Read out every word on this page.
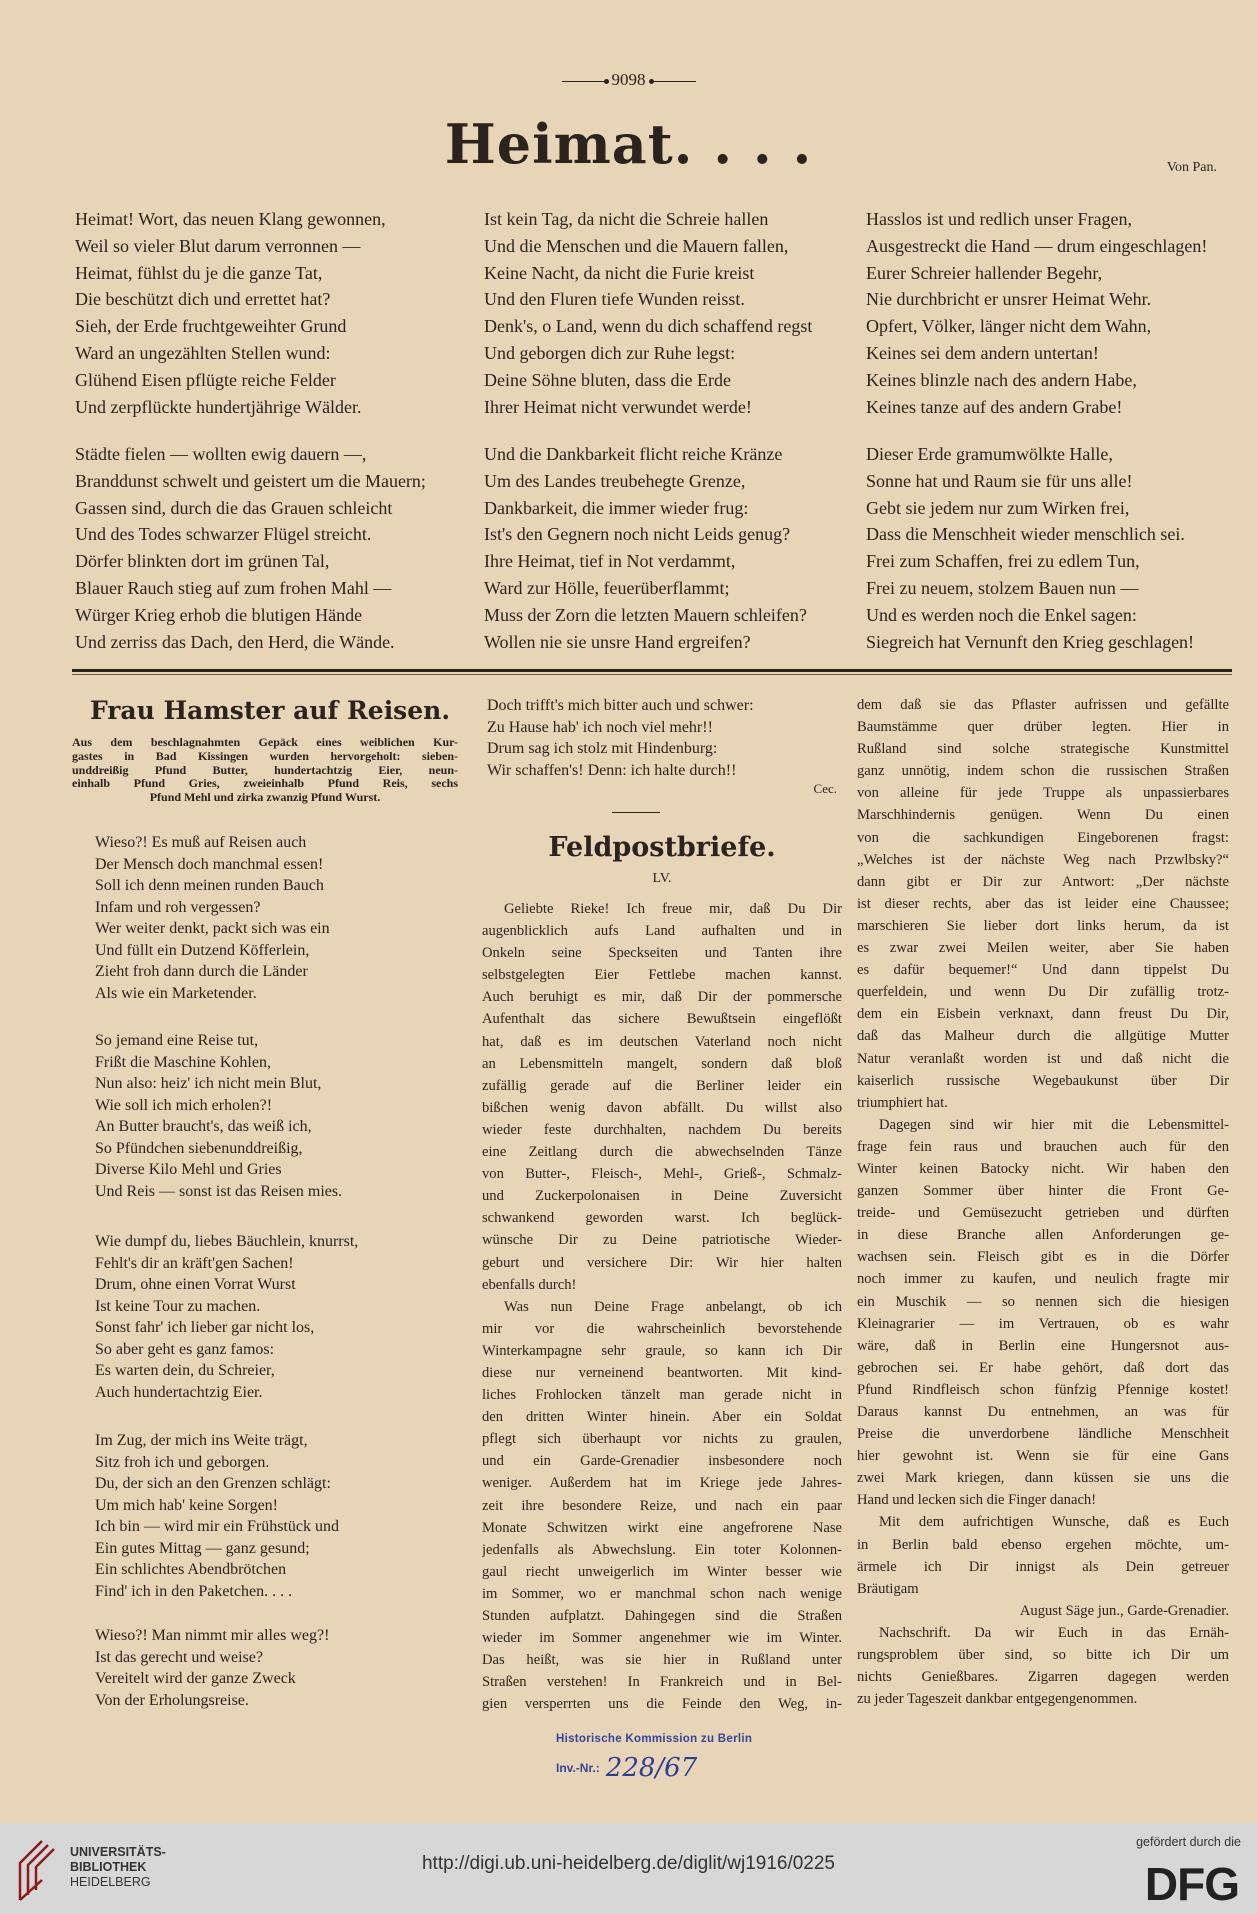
9098
Heimat. . . .	Von Pan.
Heimat! Wort, das neuen Klang gewonnen,
Weil so vieler Blut darum verronnen —
Heimat, fühlst du je die ganze Tat,
Die beschützt dich und errettet hat?
Sieh, der Erde fruchtgeweihter Grund
Ward an ungezählten Stellen wund:
Glühend Eisen pflügte reiche Felder
Und zerpflückte hundertjährige Wälder.
Städte fielen — wollten ewig dauern —,
Branddunst schwelt und geistert um die Mauern;
Gassen sind, durch die das Grauen schleicht
Und des Todes schwarzer Flügel streicht.
Dörfer blinkten dort im grünen Tal,
Blauer Rauch stieg auf zum frohen Mahl —
Würger Krieg erhob die blutigen Hände
Und zerriss das Dach, den Herd, die Wände.
Ist kein Tag, da nicht die Schreie hallen
Und die Menschen und die Mauern fallen,
Keine Nacht, da nicht die Furie kreist
Und den Fluren tiefe Wunden reisst.
Denk's, o Land, wenn du dich schaffend regst
Und geborgen dich zur Ruhe legst:
Deine Söhne bluten, dass die Erde
Ihrer Heimat nicht verwundet werde!
Und die Dankbarkeit flicht reiche Kränze
Um des Landes treubehegte Grenze,
Dankbarkeit, die immer wieder frug:
Ist's den Gegnern noch nicht Leids genug?
Ihre Heimat, tief in Not verdammt,
Ward zur Hölle, feuerüberflammt;
Muss der Zorn die letzten Mauern schleifen?
Wollen nie sie unsre Hand ergreifen?
Hasslos ist und redlich unser Fragen,
Ausgestreckt die Hand — drum eingeschlagen!
Eurer Schreier hallender Begehr,
Nie durchbricht er unsrer Heimat Wehr.
Opfert, Völker, länger nicht dem Wahn,
Keines sei dem andern untertan!
Keines blinzle nach des andern Habe,
Keines tanze auf des andern Grabe!
Dieser Erde gramumwölkte Halle,
Sonne hat und Raum sie für uns alle!
Gebt sie jedem nur zum Wirken frei,
Dass die Menschheit wieder menschlich sei.
Frei zum Schaffen, frei zu edlem Tun,
Frei zu neuem, stolzem Bauen nun —
Und es werden noch die Enkel sagen:
Siegreich hat Vernunft den Krieg geschlagen!
Frau Hamster auf Reisen.
Aus dem beschlagnahmten Gepäck eines weiblichen Kur-
gastes in Bad Kissingen wurden hervorgeholt: sieben-
unddreißig Pfund Butter, hundertachtzig Eier, neun-
einhalb Pfund Gries, zweieinhalb Pfund Reis, sechs
Pfund Mehl und zirka zwanzig Pfund Wurst.
Wieso?! Es muß auf Reisen auch
Der Mensch doch manchmal essen!
Soll ich denn meinen runden Bauch
Infam und roh vergessen?
Wer weiter denkt, packt sich was ein
Und füllt ein Dutzend Köfferlein,
Zieht froh dann durch die Länder
Als wie ein Marketender.
So jemand eine Reise tut,
Frißt die Maschine Kohlen,
Nun also: heiz' ich nicht mein Blut,
Wie soll ich mich erholen?!
An Butter braucht's, das weiß ich,
So Pfündchen siebenunddreißig,
Diverse Kilo Mehl und Gries
Und Reis — sonst ist das Reisen mies.
Wie dumpf du, liebes Bäuchlein, knurrst,
Fehlt's dir an kräft'gen Sachen!
Drum, ohne einen Vorrat Wurst
Ist keine Tour zu machen.
Sonst fahr' ich lieber gar nicht los,
So aber geht es ganz famos:
Es warten dein, du Schreier,
Auch hundertachtzig Eier.
Im Zug, der mich ins Weite trägt,
Sitz froh ich und geborgen.
Du, der sich an den Grenzen schlägt:
Um mich hab' keine Sorgen!
Ich bin — wird mir ein Frühstück und
Ein gutes Mittag — ganz gesund;
Ein schlichtes Abendbrötchen
Find' ich in den Paketchen. . . .
Wieso?! Man nimmt mir alles weg?!
Ist das gerecht und weise?
Vereitelt wird der ganze Zweck
Von der Erholungsreise.
Doch trifft's mich bitter auch und schwer:
Zu Hause hab' ich noch viel mehr!!
Drum sag ich stolz mit Hindenburg:
Wir schaffen's! Denn: ich halte durch!!
Cec.
Feldpostbriefe.
LV.
Geliebte Rieke! Ich freue mir, daß Du Dir
augenblicklich aufs Land aufhalten und in
Onkeln seine Speckseiten und Tanten ihre
selbstgelegten Eier Fettlebe machen kannst.
Auch beruhigt es mir, daß Dir der pommersche
Aufenthalt das sichere Bewußtsein eingeflößt
hat, daß es im deutschen Vaterland noch nicht
an Lebensmitteln mangelt, sondern daß bloß
zufällig gerade auf die Berliner leider ein
bißchen wenig davon abfällt. Du willst also
wieder feste durchhalten, nachdem Du bereits
eine Zeitlang durch die abwechselnden Tänze
von Butter-, Fleisch-, Mehl-, Grieß-, Schmalz-
und Zuckerpolonaisen in Deine Zuversicht
schwankend geworden warst. Ich beglück-
wünsche Dir zu Deine patriotische Wieder-
geburt und versichere Dir: Wir hier halten
ebenfalls durch!
Was nun Deine Frage anbelangt, ob ich
mir vor die wahrscheinlich bevorstehende
Winterkampagne sehr graule, so kann ich Dir
diese nur verneinend beantworten. Mit kind-
liches Frohlocken tänzelt man gerade nicht in
den dritten Winter hinein. Aber ein Soldat
pflegt sich überhaupt vor nichts zu graulen,
und ein Garde-Grenadier insbesondere noch
weniger. Außerdem hat im Kriege jede Jahres-
zeit ihre besondere Reize, und nach ein paar
Monate Schwitzen wirkt eine angefrorene Nase
jedenfalls als Abwechslung. Ein toter Kolonnen-
gaul riecht unweigerlich im Winter besser wie
im Sommer, wo er manchmal schon nach wenige
Stunden aufplatzt. Dahingegen sind die Straßen
wieder im Sommer angenehmer wie im Winter.
Das heißt, was sie hier in Rußland unter
Straßen verstehen! In Frankreich und in Bel-
gien versperrten uns die Feinde den Weg, in-
dem daß sie das Pflaster aufrissen und gefällte
Baumstämme quer drüber legten. Hier in
Rußland sind solche strategische Kunstmittel
ganz unnötig, indem schon die russischen Straßen
von alleine für jede Truppe als unpassierbares
Marschhindernis genügen. Wenn Du einen
von die sachkundigen Eingeborenen fragst:
„Welches ist der nächste Weg nach Przwlbsky?“
dann gibt er Dir zur Antwort: „Der nächste
ist dieser rechts, aber das ist leider eine Chaussee;
marschieren Sie lieber dort links herum, da ist
es zwar zwei Meilen weiter, aber Sie haben
es dafür bequemer!“ Und dann tippelst Du
querfeldein, und wenn Du Dir zufällig trotz-
dem ein Eisbein verknaxt, dann freust Du Dir,
daß das Malheur durch die allgütige Mutter
Natur veranlaßt worden ist und daß nicht die
kaiserlich russische Wegebaukunst über Dir
triumphiert hat.
Dagegen sind wir hier mit die Lebensmittel-
frage fein raus und brauchen auch für den
Winter keinen Batocky nicht. Wir haben den
ganzen Sommer über hinter die Front Ge-
treide- und Gemüsezucht getrieben und dürften
in diese Branche allen Anforderungen ge-
wachsen sein. Fleisch gibt es in die Dörfer
noch immer zu kaufen, und neulich fragte mir
ein Muschik — so nennen sich die hiesigen
Kleinagrarier — im Vertrauen, ob es wahr
wäre, daß in Berlin eine Hungersnot aus-
gebrochen sei. Er habe gehört, daß dort das
Pfund Rindfleisch schon fünfzig Pfennige kostet!
Daraus kannst Du entnehmen, an was für
Preise die unverdorbene ländliche Menschheit
hier gewohnt ist. Wenn sie für eine Gans
zwei Mark kriegen, dann küssen sie uns die
Hand und lecken sich die Finger danach!
Mit dem aufrichtigen Wunsche, daß es Euch
in Berlin bald ebenso ergehen möchte, um-
ärmele ich Dir innigst als Dein getreuer
Bräutigam
August Säge jun., Garde-Grenadier.
Nachschrift. Da wir Euch in das Ernäh-
rungsproblem über sind, so bitte ich Dir um
nichts Genießbares. Zigarren dagegen werden
zu jeder Tageszeit dankbar entgegengenommen.
Historische Kommission zu Berlin
Inv.-Nr.: 228/67
UNIVERSITÄTS-
BIBLIOTHEK
HEIDELBERG
http://digi.ub.uni-heidelberg.de/diglit/wj1916/0225
gefördert durch die
DFG
